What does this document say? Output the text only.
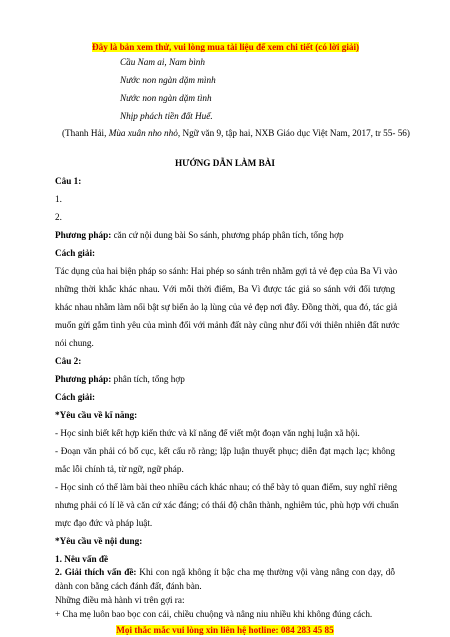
Đây là bản xem thử, vui lòng mua tài liệu để xem chi tiết (có lời giải)
Cầu Nam ai, Nam bình
Nước non ngàn dặm mình
Nước non ngàn dặm tình
Nhịp phách tiền đất Huế.
(Thanh Hải, Mùa xuân nho nhỏ, Ngữ văn 9, tập hai, NXB Giáo dục Việt Nam, 2017, tr 55- 56)
HƯỚNG DẪN LÀM BÀI
Câu 1:
1.
2.
Phương pháp: căn cứ nội dung bài So sánh, phương pháp phân tích, tổng hợp
Cách giải:
Tác dụng của hai biện pháp so sánh: Hai phép so sánh trên nhằm gợi tả vẻ đẹp của Ba Vì vào
những thời khắc khác nhau. Với mỗi thời điểm, Ba Vì được tác giả so sánh với đối tượng
khác nhau nhằm làm nổi bật sự biến ảo lạ lùng của vẻ đẹp nơi đây. Đồng thời, qua đó, tác giả
muốn gửi gắm tình yêu của mình đối với mảnh đất này cũng như đối với thiên nhiên đất nước
nói chung.
Câu 2:
Phương pháp: phân tích, tổng hợp
Cách giải:
*Yêu cầu về kĩ năng:
- Học sinh biết kết hợp kiến thức và kĩ năng để viết một đoạn văn nghị luận xã hội.
- Đoạn văn phải có bố cục, kết cấu rõ ràng; lập luận thuyết phục; diễn đạt mạch lạc; không
mắc lỗi chính tả, từ ngữ, ngữ pháp.
- Học sinh có thể làm bài theo nhiều cách khác nhau; có thể bày tỏ quan điểm, suy nghĩ riêng
nhưng phải có lí lẽ và căn cứ xác đáng; có thái độ chân thành, nghiêm túc, phù hợp với chuẩn
mực đạo đức và pháp luật.
*Yêu cầu về nội dung:
1. Nêu vấn đề
2. Giải thích vấn đề: Khi con ngã không ít bậc cha mẹ thường vội vàng nâng con dạy, dỗ
dành con bằng cách đánh đất, đánh bàn.
Những điều mà hành vi trên gợi ra:
+ Cha mẹ luôn bao bọc con cái, chiều chuộng và nâng niu nhiều khi không đúng cách.
Mọi thắc mắc vui lòng xin liên hệ hotline: 084 283 45 85
